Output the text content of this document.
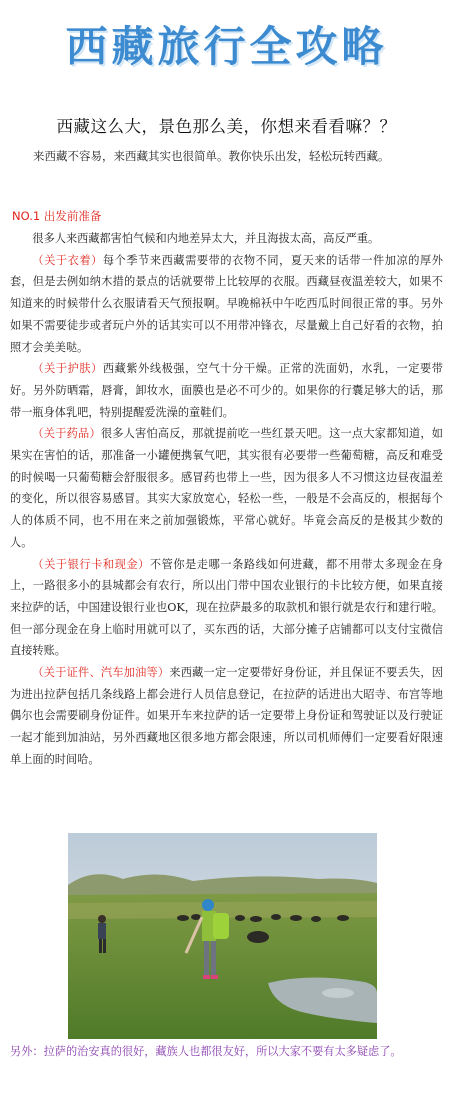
西藏旅行全攻略
西藏这么大，景色那么美，你想来看看嘛？？
来西藏不容易，来西藏其实也很简单。教你快乐出发，轻松玩转西藏。
NO.1 出发前准备

很多人来西藏都害怕气候和内地差异太大，并且海拔太高，高反严重。

（关于衣着）每个季节来西藏需要带的衣物不同，夏天来的话带一件加凉的厚外套，但是去例如纳木措的景点的话就要带上比较厚的衣服。西藏昼夜温差较大，如果不知道来的时候带什么衣服请看天气预报啊。早晚棉袄中午吃西瓜时间很正常的事。另外如果不需要徒步或者玩户外的话其实可以不用带冲锋衣，尽量戴上自己好看的衣物，拍照才会美美哒。

（关于护肤）西藏紫外线极强，空气十分干燥。正常的洗面奶，水乳，一定要带好。另外防晒霜，唇膏，卸妆水，面膜也是必不可少的。如果你的行囊足够大的话，那带一瓶身体乳吧，特别提醒爱洗澡的童鞋们。

（关于药品）很多人害怕高反，那就提前吃一些红景天吧。这一点大家都知道，如果实在害怕的话，那准备一小罐便携氧气吧，其实很有必要带一些葡萄糖，高反和难受的时候喝一只葡萄糖会舒服很多。感冒药也带上一些，因为很多人不习惯这边昼夜温差的变化，所以很容易感冒。其实大家放宽心，轻松一些，一般是不会高反的，根据每个人的体质不同，也不用在来之前加强锻炼，平常心就好。毕竟会高反的是极其少数的人。

（关于银行卡和现金）不管你是走哪一条路线如何进藏，都不用带太多现金在身上，一路很多小的县城都会有农行，所以出门带中国农业银行的卡比较方便，如果直接来拉萨的话，中国建设银行业也OK，现在拉萨最多的取款机和银行就是农行和建行啦。但一部分现金在身上临时用就可以了，买东西的话，大部分摊子店铺都可以支付宝微信直接转账。

（关于证件、汽车加油等）来西藏一定一定要带好身份证，并且保证不要丢失，因为进出拉萨包括几条线路上都会进行人员信息登记，在拉萨的话进出大昭寺、布宫等地偶尔也会需要刷身份证件。如果开车来拉萨的话一定要带上身份证和驾驶证以及行驶证一起才能到加油站，另外西藏地区很多地方都会限速，所以司机师傅们一定要看好限速单上面的时间哈。

另外：拉萨的治安真的很好，藏族人也都很友好，所以大家不要有太多疑虑了。
